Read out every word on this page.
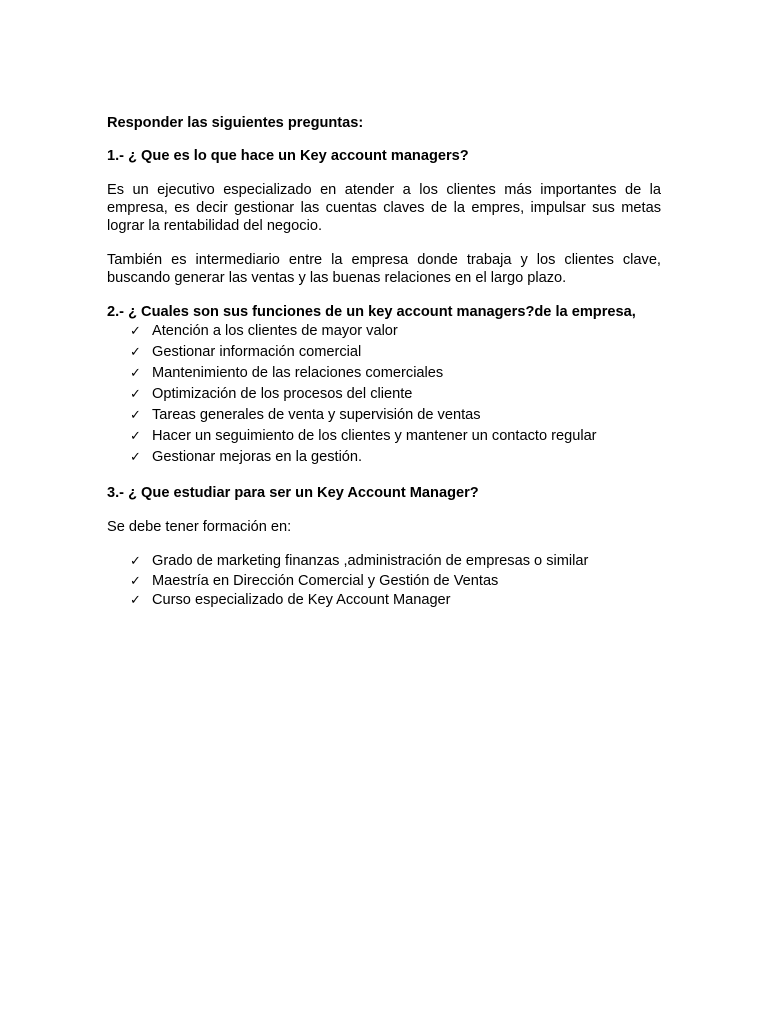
Responder las siguientes preguntas:

1.- ¿ Que es lo que hace un Key account managers?

Es un ejecutivo especializado en atender a los clientes más importantes de la empresa, es decir gestionar las cuentas claves de la empres, impulsar sus metas lograr la rentabilidad del negocio.

También es intermediario entre la empresa donde trabaja y los clientes clave, buscando generar las ventas y las buenas relaciones en el largo plazo.

2.- ¿ Cuales son sus funciones de un key account managers?de la empresa,

✓ Atención a los clientes de mayor valor
✓ Gestionar información comercial
✓ Mantenimiento de las relaciones comerciales
✓ Optimización de los procesos del cliente
✓ Tareas generales de venta y supervisión de ventas
✓ Hacer un seguimiento de los clientes y mantener un contacto regular
✓ Gestionar mejoras en la gestión.

3.- ¿ Que estudiar para ser un Key Account Manager?

Se debe tener formación en:

✓ Grado de marketing finanzas ,administración de empresas o similar
✓ Maestría en Dirección Comercial y Gestión de Ventas
✓ Curso especializado de Key Account Manager
